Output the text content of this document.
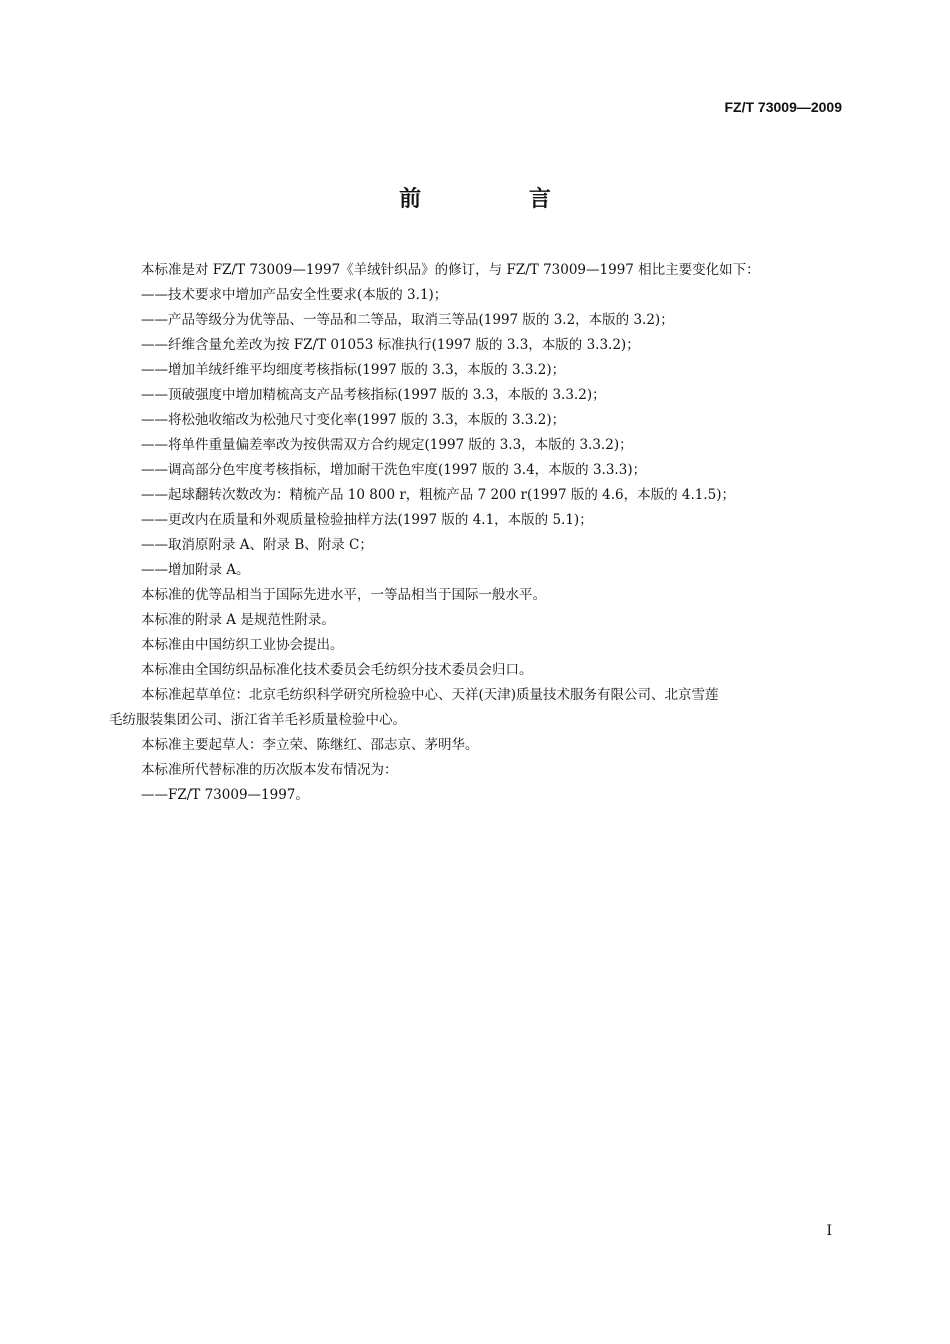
FZ/T 73009—2009
前 言
本标准是对 FZ/T 73009—1997《羊绒针织品》的修订，与 FZ/T 73009—1997 相比主要变化如下：
——技术要求中增加产品安全性要求(本版的 3.1)；
——产品等级分为优等品、一等品和二等品，取消三等品(1997 版的 3.2，本版的 3.2)；
——纤维含量允差改为按 FZ/T 01053 标准执行(1997 版的 3.3，本版的 3.3.2)；
——增加羊绒纤维平均细度考核指标(1997 版的 3.3，本版的 3.3.2)；
——顶破强度中增加精梳高支产品考核指标(1997 版的 3.3，本版的 3.3.2)；
——将松弛收缩改为松弛尺寸变化率(1997 版的 3.3，本版的 3.3.2)；
——将单件重量偏差率改为按供需双方合约规定(1997 版的 3.3，本版的 3.3.2)；
——调高部分色牢度考核指标，增加耐干洗色牢度(1997 版的 3.4，本版的 3.3.3)；
——起球翻转次数改为：精梳产品 10 800 r，粗梳产品 7 200 r(1997 版的 4.6，本版的 4.1.5)；
——更改内在质量和外观质量检验抽样方法(1997 版的 4.1，本版的 5.1)；
——取消原附录 A、附录 B、附录 C；
——增加附录 A。
本标准的优等品相当于国际先进水平，一等品相当于国际一般水平。
本标准的附录 A 是规范性附录。
本标准由中国纺织工业协会提出。
本标准由全国纺织品标准化技术委员会毛纺织分技术委员会归口。
本标准起草单位：北京毛纺织科学研究所检验中心、天祥(天津)质量技术服务有限公司、北京雪莲
毛纺服装集团公司、浙江省羊毛衫质量检验中心。
本标准主要起草人：李立荣、陈继红、邵志京、茅明华。
本标准所代替标准的历次版本发布情况为：
——FZ/T 73009—1997。
I
